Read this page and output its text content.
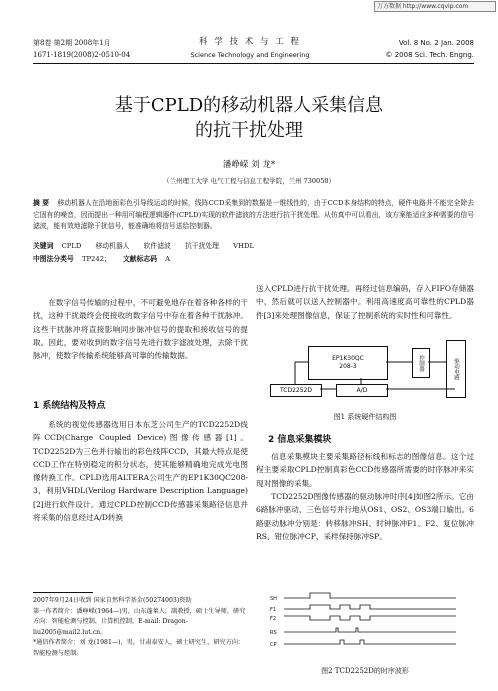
万方数据 http://www.cqvip.com
第8卷 第2期 2008年1月
1671-1819(2008)2-0510-04
科 学 技 术 与 工 程
Science Technology and Engineering
Vol. 8 No. 2 Jan. 2008
© 2008 Sci. Tech. Engng.
基于CPLD的移动机器人采集信息
的抗干扰处理
潘峥嵘 刘 龙*
（兰州理工大学 电气工程与信息工程学院，兰州 730050）
摘 要 移动机器人在沿地面彩色引导线运动的时候，线阵CCD采集到的数据是一维线性的，由于CCD本身结构的特点，硬件电路并不能完全除去它固有的噪音，因而提出一种用可编程逻辑器件(CPLD)实现的软件滤波的方法进行抗干扰处理。从仿真中可以看出，该方案能适应多种需要的信号滤波，能有效地滤除干扰信号，能准确地将信号送给控制器。
关键词 CPLD 移动机器人 软件滤波 抗干扰处理 VHDL
中图法分类号 TP242； 文献标志码 A
在数字信号传输的过程中，不可避免地存在着各种各样的干扰，这种干扰最终会使接收的数字信号中存在着各种干扰脉冲。这些干扰脉冲将直接影响同步脉冲信号的提取和接收信号的提取。因此，要对收到的数字信号先进行数字滤波处理，去除干扰脉冲，使数字传输系统能够高可靠的传输数据。
1 系统结构及特点
系统的视觉传感器选用日本东芝公司生产的TCD2252D线阵CCD(Charge Coupled Device)图像传感器[1]。TCD2252D为三色并行输出的彩色线阵CCD，其最大特点是使CCD工作在特别稳定的积分状态，使其能够精确地完成光电图像转换工作。CPLD选用ALTERA公司生产的EP1K30QC208-3，利用VHDL(Verilog Hardware Description Language)[2]进行软件设计。通过CPLD控制CCD传感器采集路径信息并将采集的信息经过A/D转换
2007年9月24日收到 国家自然科学基金(50274003)资助
第一作者简介：潘峥嵘(1964—)男，山东蓬莱人，副教授，硕士生导师，研究方向：智能检测与控制，计算机控制。E-mail: Dragon-liu2005@mail2.lut.cn。
*通信作者简介：刘 龙(1981—)，男，甘肃泰安人，硕士研究生，研究方向：智能检测与控制。
送入CPLD进行抗干扰处理。再经过信息编码，存入FIFO存储器中，然后就可以送入控制器中。利用高速度高可靠性的CPLD器件[3]来处理图像信息，保证了控制系统的实时性和可靠性。
EP1K30QC
208-3	控制器	驱动电路
TCD2252D	A/D
图1 系统硬件结构图
2 信息采集模块
信息采集模块主要采集路径标线和标志的图像信息。这个过程主要采取CPLD控制真彩色CCD传感器所需要的时序脉冲来实现对图像的采集。
TCD2252D图像传感器的驱动脉冲时序[4]如图2所示。它由6路脉冲驱动，三色信号并行地从OS1、OS2、OS3端口输出。6路驱动脉冲分别是：转移脉冲SH、时钟脉冲F1、F2、复位脉冲RS、钳位脉冲CP、采样保持脉冲SP。
SH
F1
F2
RS
CP
图2 TCD2252D的时序波形
